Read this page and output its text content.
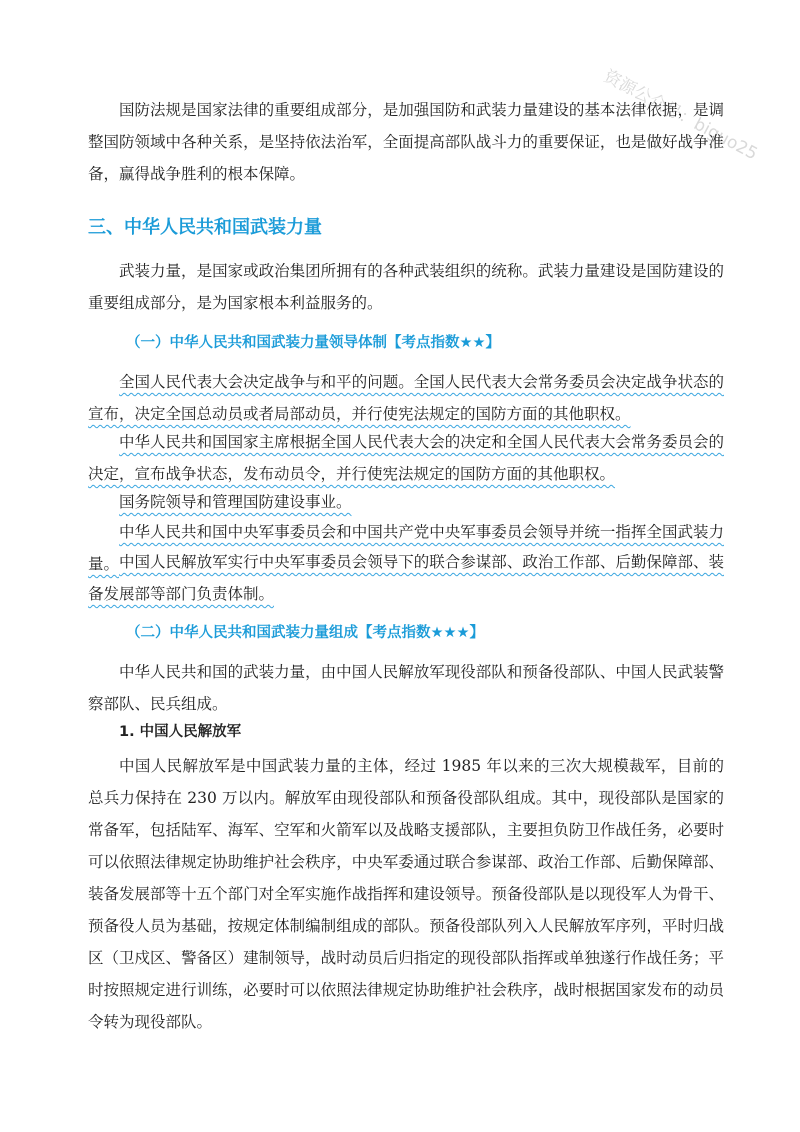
资源公众号：biguo25

国防法规是国家法律的重要组成部分，是加强国防和武装力量建设的基本法律依据，是调整国防领域中各种关系，是坚持依法治军，全面提高部队战斗力的重要保证，也是做好战争准备，赢得战争胜利的根本保障。

三、中华人民共和国武装力量

武装力量，是国家或政治集团所拥有的各种武装组织的统称。武装力量建设是国防建设的重要组成部分，是为国家根本利益服务的。

（一）中华人民共和国武装力量领导体制【考点指数★★】

全国人民代表大会决定战争与和平的问题。全国人民代表大会常务委员会决定战争状态的宣布，决定全国总动员或者局部动员，并行使宪法规定的国防方面的其他职权。

中华人民共和国国家主席根据全国人民代表大会的决定和全国人民代表大会常务委员会的决定，宣布战争状态，发布动员令，并行使宪法规定的国防方面的其他职权。

国务院领导和管理国防建设事业。

中华人民共和国中央军事委员会和中国共产党中央军事委员会领导并统一指挥全国武装力量。 中国人民解放军实行中央军事委员会领导下的联合参谋部、政治工作部、后勤保障部、装备发展部等部门负责体制。

（二）中华人民共和国武装力量组成【考点指数★★★】

中华人民共和国的武装力量，由中国人民解放军现役部队和预备役部队、中国人民武装警察部队、民兵组成。

1. 中国人民解放军

中国人民解放军是中国武装力量的主体，经过 1985 年以来的三次大规模裁军，目前的总兵力保持在 230 万以内。解放军由现役部队和预备役部队组成。其中，现役部队是国家的常备军，包括陆军、海军、空军和火箭军以及战略支援部队，主要担负防卫作战任务，必要时可以依照法律规定协助维护社会秩序，中央军委通过联合参谋部、政治工作部、后勤保障部、装备发展部等十五个部门对全军实施作战指挥和建设领导。预备役部队是以现役军人为骨干、预备役人员为基础，按规定体制编制组成的部队。预备役部队列入人民解放军序列，平时归战区（卫戍区、警备区）建制领导，战时动员后归指定的现役部队指挥或单独遂行作战任务；平时按照规定进行训练，必要时可以依照法律规定协助维护社会秩序，战时根据国家发布的动员令转为现役部队。
